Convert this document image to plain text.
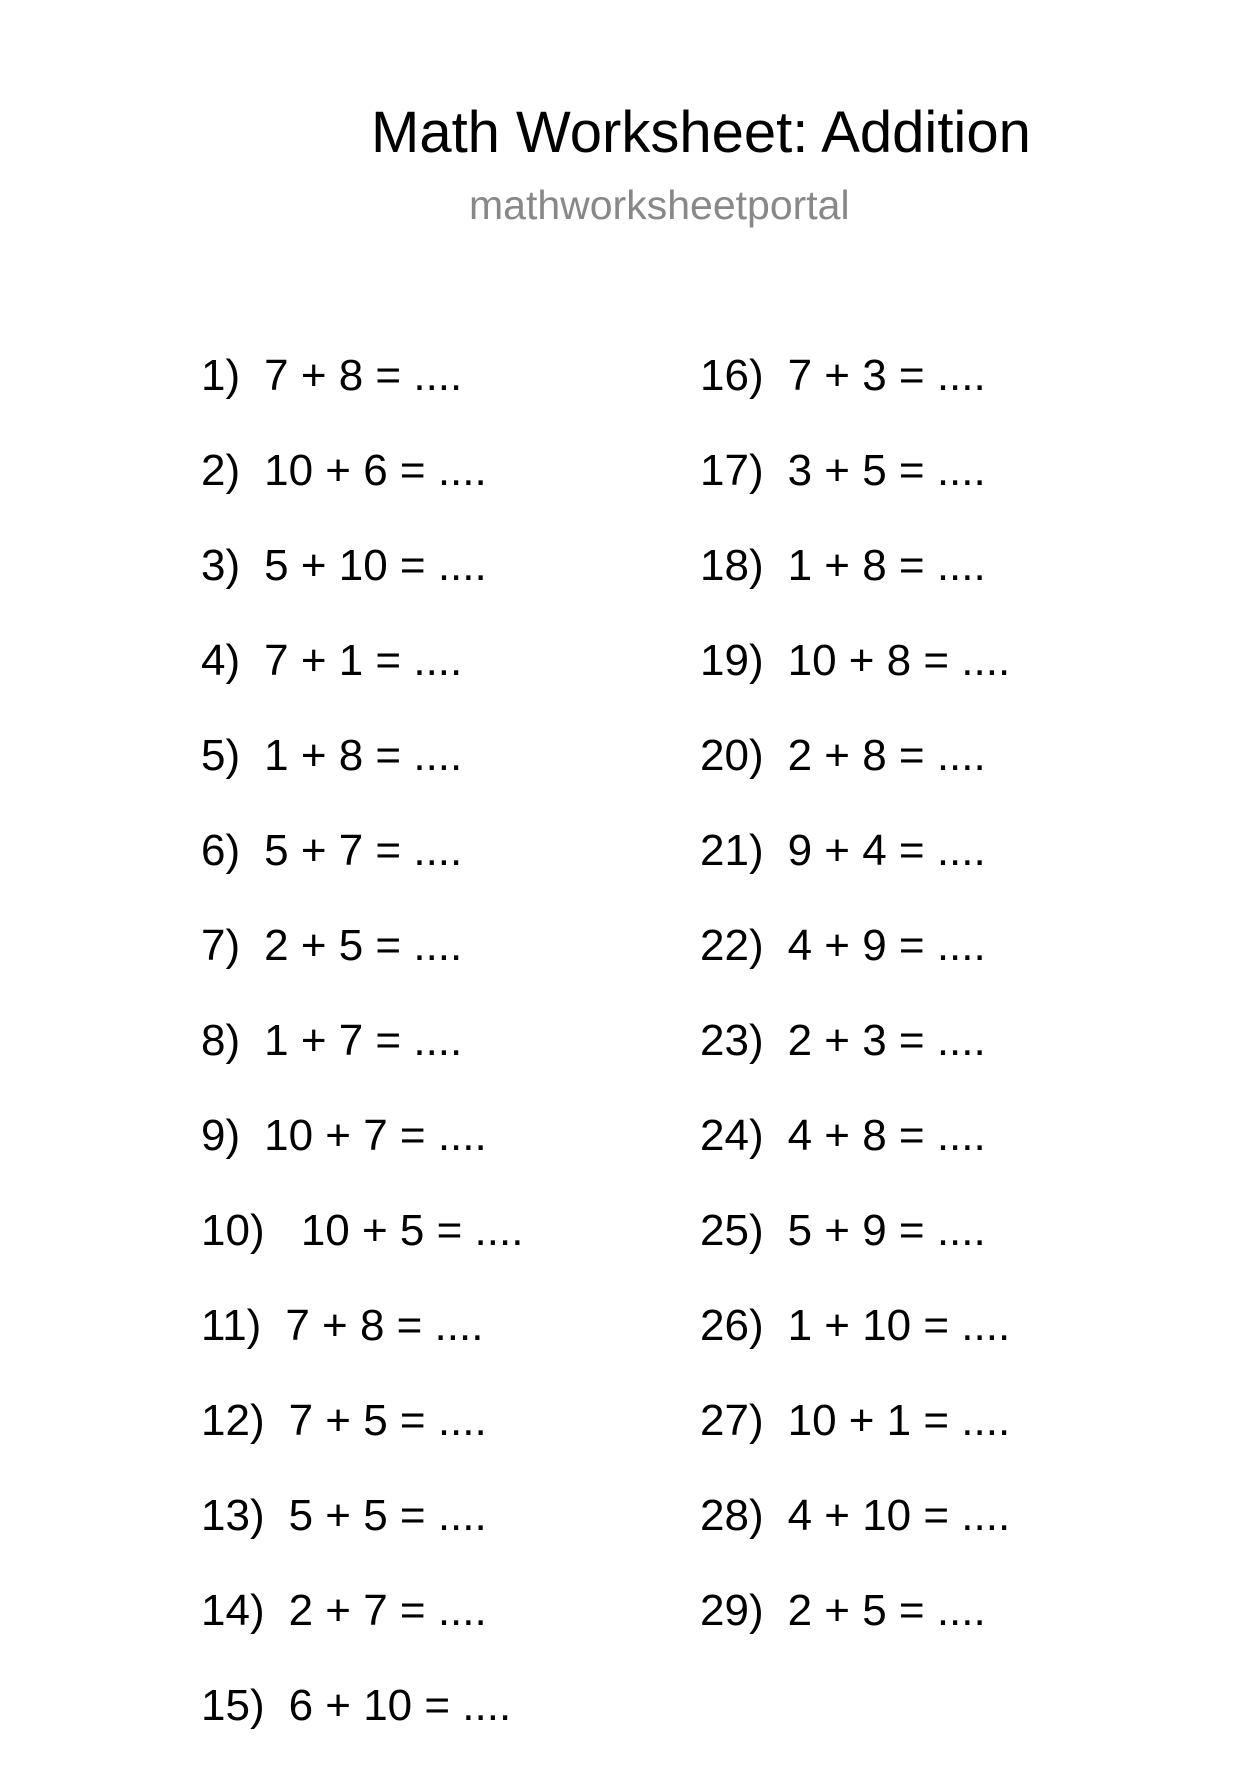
Math Worksheet: Addition
mathworksheetportal
1) 7 + 8 = ....
2) 10 + 6 = ....
3) 5 + 10 = ....
4) 7 + 1 = ....
5) 1 + 8 = ....
6) 5 + 7 = ....
7) 2 + 5 = ....
8) 1 + 7 = ....
9) 10 + 7 = ....
10) 10 + 5 = ....
11) 7 + 8 = ....
12) 7 + 5 = ....
13) 5 + 5 = ....
14) 2 + 7 = ....
15) 6 + 10 = ....
16) 7 + 3 = ....
17) 3 + 5 = ....
18) 1 + 8 = ....
19) 10 + 8 = ....
20) 2 + 8 = ....
21) 9 + 4 = ....
22) 4 + 9 = ....
23) 2 + 3 = ....
24) 4 + 8 = ....
25) 5 + 9 = ....
26) 1 + 10 = ....
27) 10 + 1 = ....
28) 4 + 10 = ....
29) 2 + 5 = ....
